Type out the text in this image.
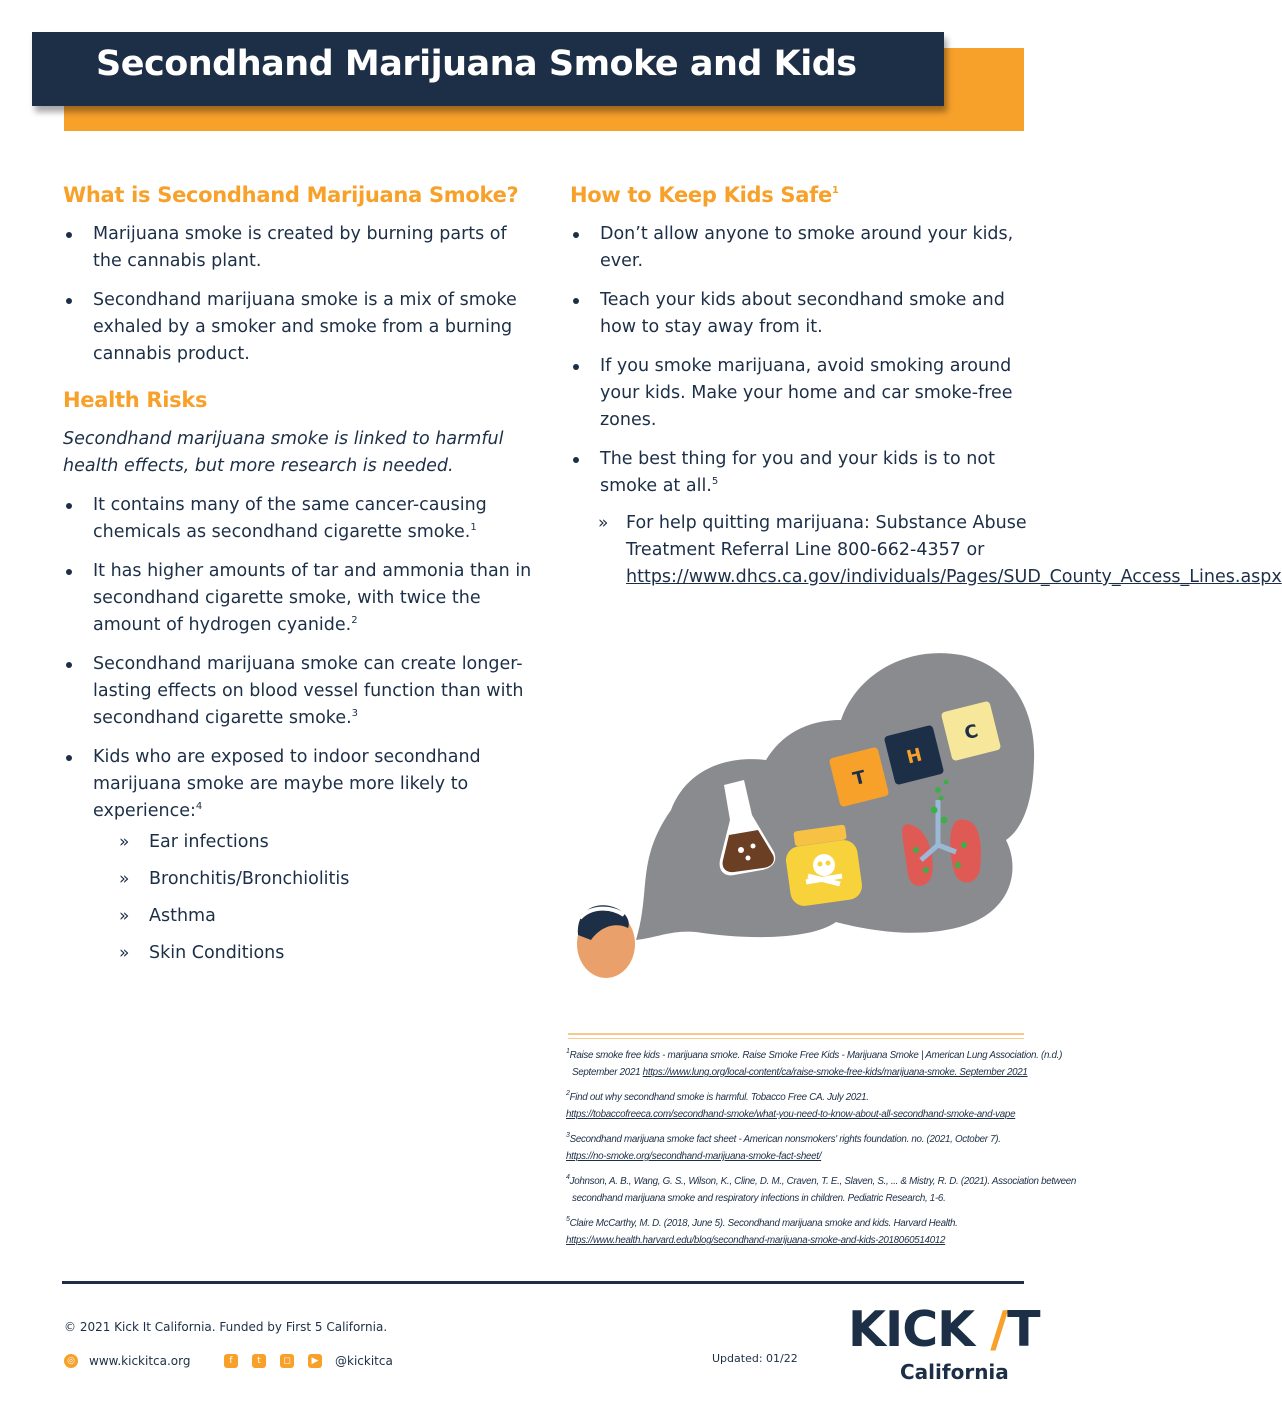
Secondhand Marijuana Smoke and Kids
What is Secondhand Marijuana Smoke?
Marijuana smoke is created by burning parts of the cannabis plant.
Secondhand marijuana smoke is a mix of smoke exhaled by a smoker and smoke from a burning cannabis product.
Health Risks

Secondhand marijuana smoke is linked to harmful health effects, but more research is needed.

It contains many of the same cancer-causing chemicals as secondhand cigarette smoke.$^1$
It has higher amounts of tar and ammonia than in secondhand cigarette smoke, with twice the amount of hydrogen cyanide.$^2$
Secondhand marijuana smoke can create longer-lasting effects on blood vessel function than with secondhand cigarette smoke.$^3$
Kids who are exposed to indoor secondhand marijuana smoke are maybe more likely to experience:$^4$
» Ear infections
» Bronchitis/Bronchiolitis
» Asthma
» Skin Conditions
How to Keep Kids Safe$^1$
Don’t allow anyone to smoke around your kids, ever.
Teach your kids about secondhand smoke and how to stay away from it.
If you smoke marijuana, avoid smoking around your kids. Make your home and car smoke-free zones.
The best thing for you and your kids is to not smoke at all.$^5$
» For help quitting marijuana: Substance Abuse Treatment Referral Line 800-662-4357 or https://www.dhcs.ca.gov/individuals/Pages/SUD_County_Access_Lines.aspx
T
H
C
$^1$Raise smoke free kids - marijuana smoke. Raise Smoke Free Kids - Marijuana Smoke | American Lung Association. (n.d.)
September 2021 https://www.lung.org/local-content/ca/raise-smoke-free-kids/marijuana-smoke. September 2021
$^2$Find out why secondhand smoke is harmful. Tobacco Free CA. July 2021.
https://tobaccofreeca.com/secondhand-smoke/what-you-need-to-know-about-all-secondhand-smoke-and-vape
$^3$Secondhand marijuana smoke fact sheet - American nonsmokers' rights foundation. no. (2021, October 7).
https://no-smoke.org/secondhand-marijuana-smoke-fact-sheet/
$^4$Johnson, A. B., Wang, G. S., Wilson, K., Cline, D. M., Craven, T. E., Slaven, S., ... & Mistry, R. D. (2021). Association between
secondhand marijuana smoke and respiratory infections in children. Pediatric Research, 1-6.
$^5$Claire McCarthy, M. D. (2018, June 5). Secondhand marijuana smoke and kids. Harvard Health.
https://www.health.harvard.edu/blog/secondhand-marijuana-smoke-and-kids-2018060514012
© 2021 Kick It California. Funded by First 5 California.
◎ www.kickitca.org	f	t	◻	▶ @kickitca	Updated: 01/22
KICK /T
California
